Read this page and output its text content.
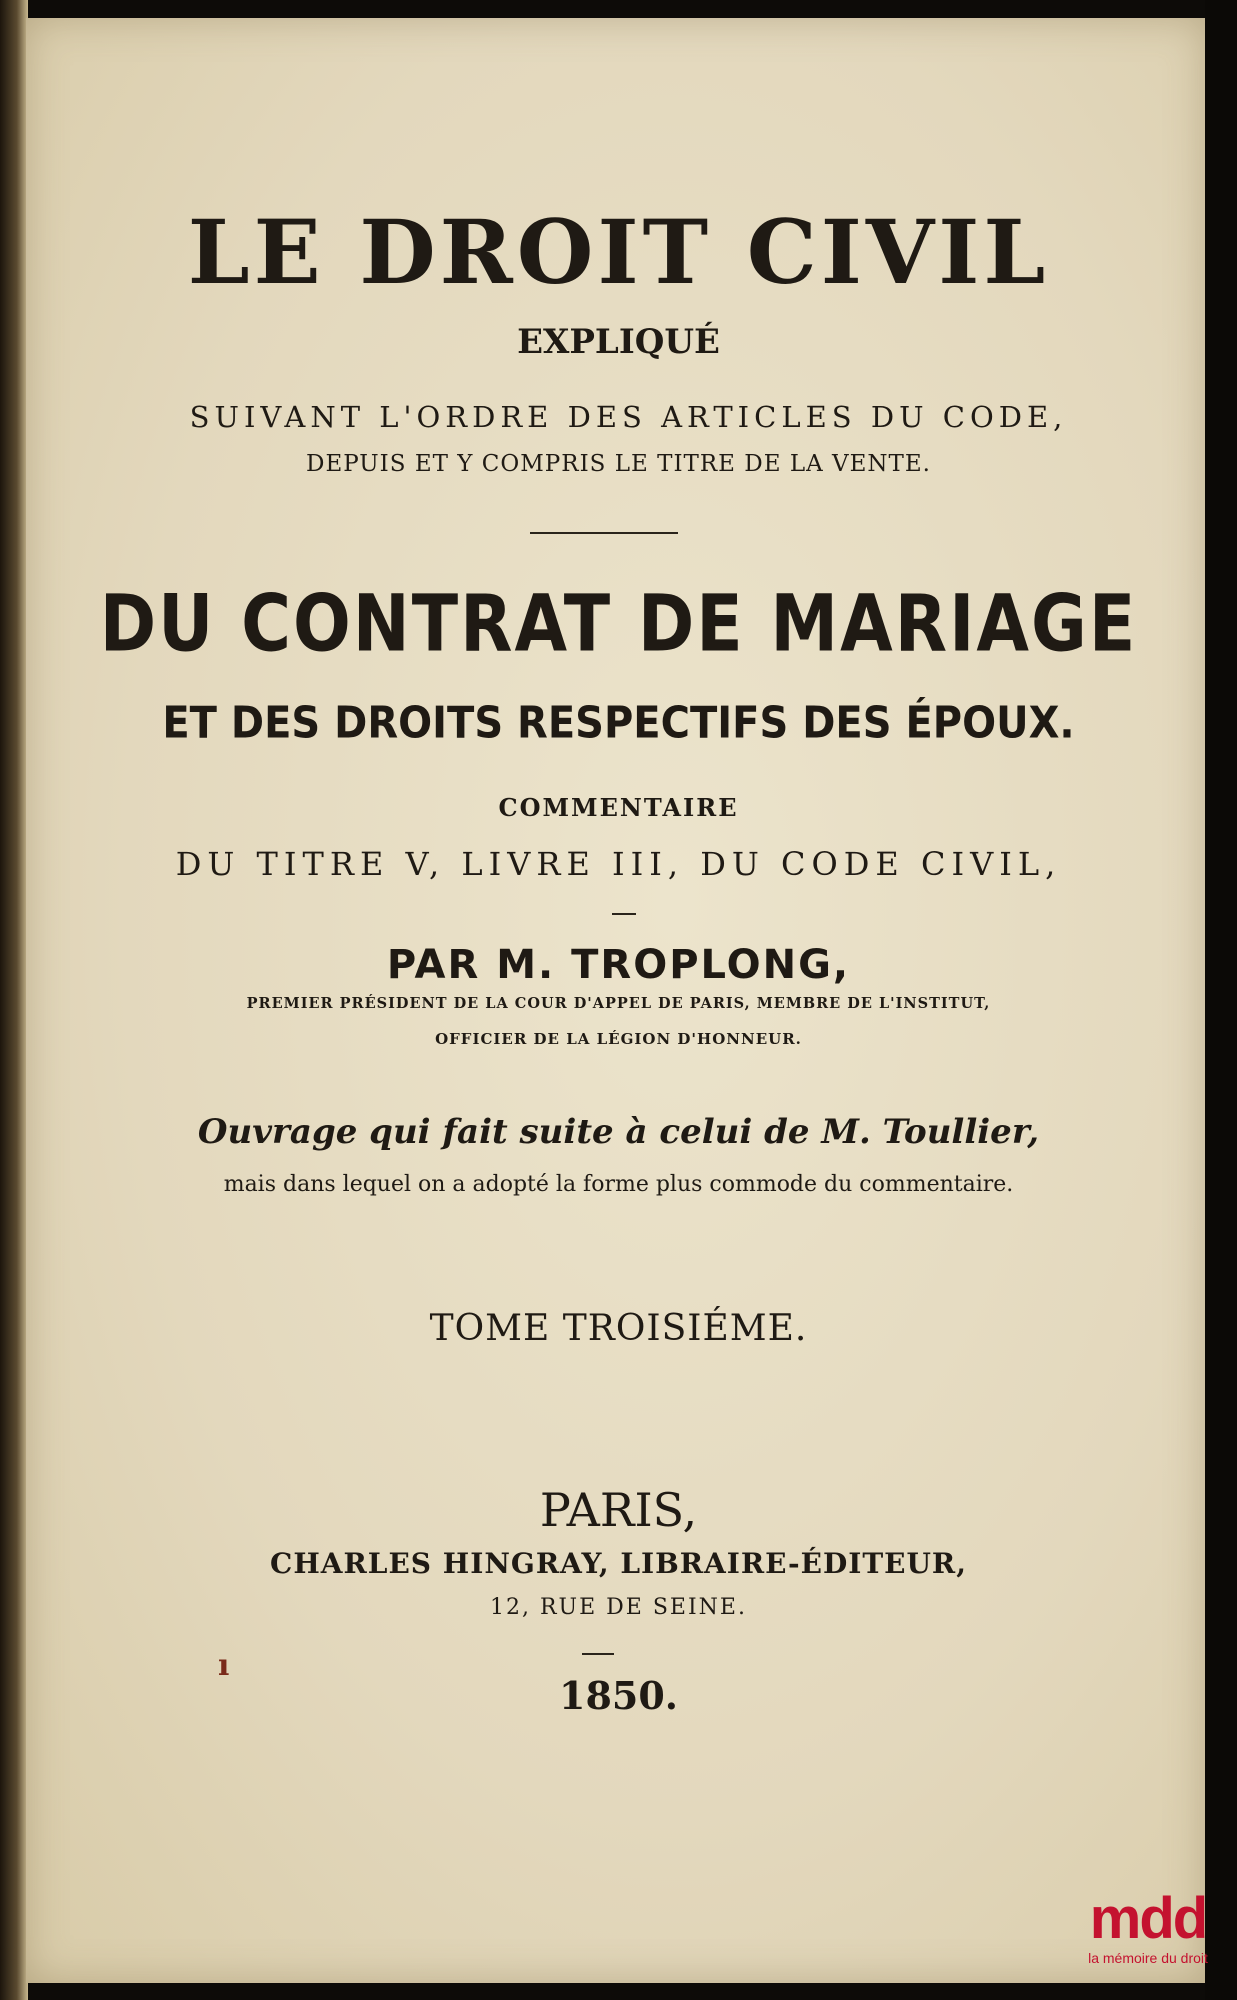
LE DROIT CIVIL
EXPLIQUÉ
SUIVANT L'ORDRE DES ARTICLES DU CODE,
DEPUIS ET Y COMPRIS LE TITRE DE LA VENTE.
DU CONTRAT DE MARIAGE
ET DES DROITS RESPECTIFS DES ÉPOUX.
COMMENTAIRE
DU TITRE V, LIVRE III, DU CODE CIVIL,
PAR M. TROPLONG,
PREMIER PRÉSIDENT DE LA COUR D'APPEL DE PARIS, MEMBRE DE L'INSTITUT,
OFFICIER DE LA LÉGION D'HONNEUR.
Ouvrage qui fait suite à celui de M. Toullier,
mais dans lequel on a adopté la forme plus commode du commentaire.
TOME TROISIÉME.
PARIS,
CHARLES HINGRAY, LIBRAIRE-ÉDITEUR,
12, RUE DE SEINE.
1850.
ı
mdd
la mémoire du droit
